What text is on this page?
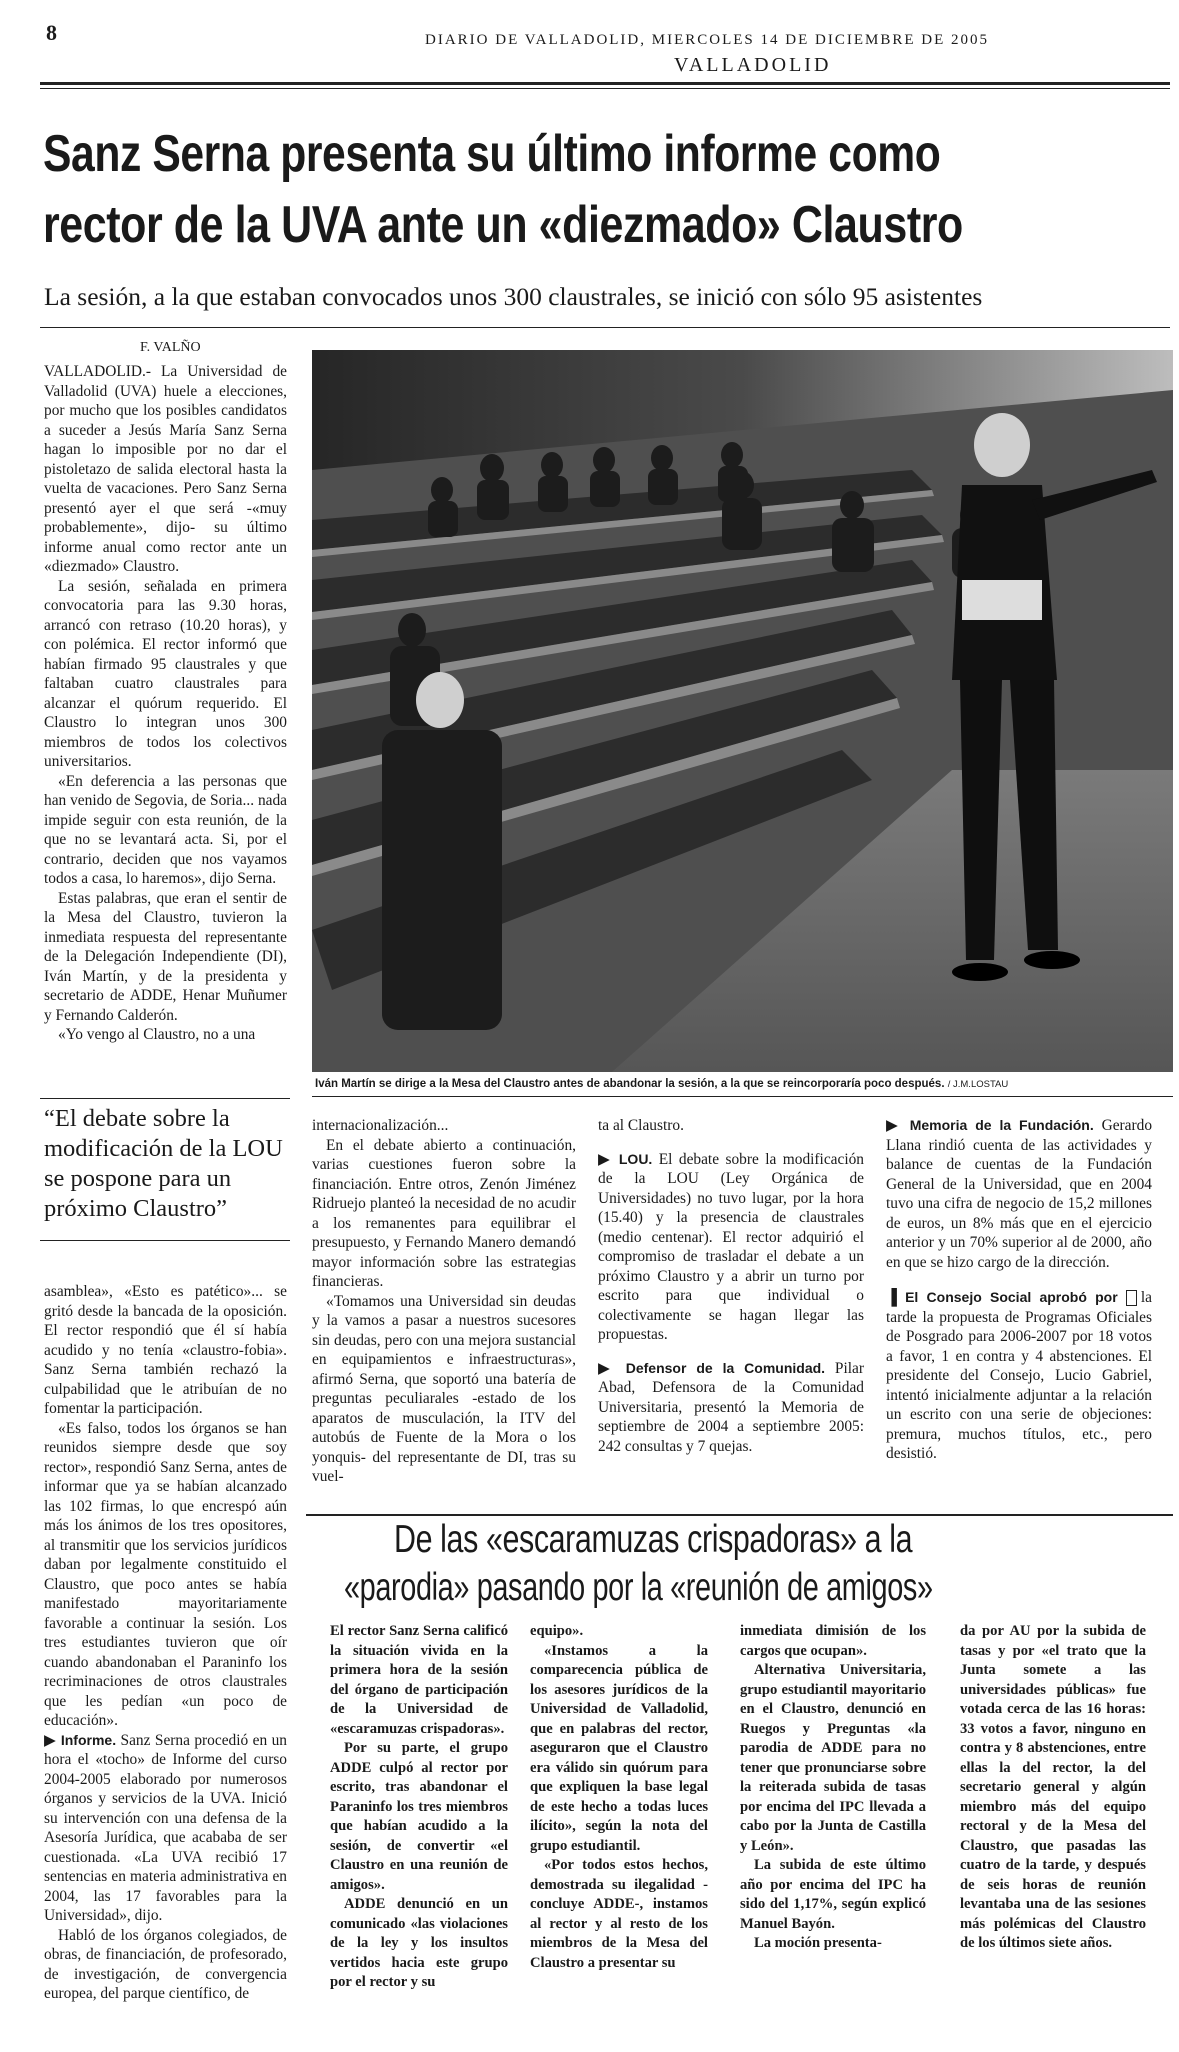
8	DIARIO DE VALLADOLID, MIERCOLES 14 DE DICIEMBRE DE 2005
VALLADOLID
Sanz Serna presenta su último informe como
rector de la UVA ante un «diezmado» Claustro
La sesión, a la que estaban convocados unos 300 claustrales, se inició con sólo 95 asistentes
F. VALÑO

VALLADOLID.- La Universidad de Valladolid (UVA) huele a elecciones, por mucho que los posibles candidatos a suceder a Jesús María Sanz Serna hagan lo imposible por no dar el pistoletazo de salida electoral hasta la vuelta de vacaciones. Pero Sanz Serna presentó ayer el que será -«muy probablemente», dijo- su último informe anual como rector ante un «diezmado» Claustro.

La sesión, señalada en primera convocatoria para las 9.30 horas, arrancó con retraso (10.20 horas), y con polémica. El rector informó que habían firmado 95 claustrales y que faltaban cuatro claustrales para alcanzar el quórum requerido. El Claustro lo integran unos 300 miembros de todos los colectivos universitarios.

«En deferencia a las personas que han venido de Segovia, de Soria... nada impide seguir con esta reunión, de la que no se levantará acta. Si, por el contrario, deciden que nos vayamos todos a casa, lo haremos», dijo Serna.

Estas palabras, que eran el sentir de la Mesa del Claustro, tuvieron la inmediata respuesta del representante de la Delegación Independiente (DI), Iván Martín, y de la presidenta y secretario de ADDE, Henar Muñumer y Fernando Calderón.

«Yo vengo al Claustro, no a una

Iván Martín se dirige a la Mesa del Claustro antes de abandonar la sesión, a la que se reincorporaría poco después. / J.M.LOSTAU
“El debate sobre la modificación de la LOU se pospone para un próximo Claustro”

asamblea», «Esto es patético»... se gritó desde la bancada de la oposición. El rector respondió que él sí había acudido y no tenía «claustro-fobia». Sanz Serna también rechazó la culpabilidad que le atribuían de no fomentar la participación.

«Es falso, todos los órganos se han reunidos siempre desde que soy rector», respondió Sanz Serna, antes de informar que ya se habían alcanzado las 102 firmas, lo que encrespó aún más los ánimos de los tres opositores, al transmitir que los servicios jurídicos daban por legalmente constituido el Claustro, que poco antes se había manifestado mayoritariamente favorable a continuar la sesión. Los tres estudiantes tuvieron que oír cuando abandonaban el Paraninfo los recriminaciones de otros claustrales que les pedían «un poco de educación».

▶ Informe. Sanz Serna procedió en un hora el «tocho» de Informe del curso 2004-2005 elaborado por numerosos órganos y servicios de la UVA. Inició su intervención con una defensa de la Asesoría Jurídica, que acababa de ser cuestionada. «La UVA recibió 17 sentencias en materia administrativa en 2004, las 17 favorables para la Universidad», dijo.

Habló de los órganos colegiados, de obras, de financiación, de profesorado, de investigación, de convergencia europea, del parque científico, de

internacionalización...

En el debate abierto a continuación, varias cuestiones fueron sobre la financiación. Entre otros, Zenón Jiménez Ridruejo planteó la necesidad de no acudir a los remanentes para equilibrar el presupuesto, y Fernando Manero demandó mayor información sobre las estrategias financieras.

«Tomamos una Universidad sin deudas y la vamos a pasar a nuestros sucesores sin deudas, pero con una mejora sustancial en equipamientos e infraestructuras», afirmó Serna, que soportó una batería de preguntas peculiarales -estado de los aparatos de musculación, la ITV del autobús de Fuente de la Mora o los yonquis- del representante de DI, tras su vuel-

ta al Claustro.

▶ LOU. El debate sobre la modificación de la LOU (Ley Orgánica de Universidades) no tuvo lugar, por la hora (15.40) y la presencia de claustrales (medio centenar). El rector adquirió el compromiso de trasladar el debate a un próximo Claustro y a abrir un turno por escrito para que individual o colectivamente se hagan llegar las propuestas.

▶ Defensor de la Comunidad. Pilar Abad, Defensora de la Comunidad Universitaria, presentó la Memoria de septiembre de 2004 a septiembre 2005: 242 consultas y 7 quejas.

▶ Memoria de la Fundación. Gerardo Llana rindió cuenta de las actividades y balance de cuentas de la Fundación General de la Universidad, que en 2004 tuvo una cifra de negocio de 15,2 millones de euros, un 8% más que en el ejercicio anterior y un 70% superior al de 2000, año en que se hizo cargo de la dirección.

▐ El Consejo Social aprobó por la tarde la propuesta de Programas Oficiales de Posgrado para 2006-2007 por 18 votos a favor, 1 en contra y 4 abstenciones. El presidente del Consejo, Lucio Gabriel, intentó inicialmente adjuntar a la relación un escrito con una serie de objeciones: premura, muchos títulos, etc., pero desistió.

De las «escaramuzas crispadoras» a la
«parodia» pasando por la «reunión de amigos»

El rector Sanz Serna calificó la situación vivida en la primera hora de la sesión del órgano de participación de la Universidad de «escaramuzas crispadoras».

Por su parte, el grupo ADDE culpó al rector por escrito, tras abandonar el Paraninfo los tres miembros que habían acudido a la sesión, de convertir «el Claustro en una reunión de amigos».

ADDE denunció en un comunicado «las violaciones de la ley y los insultos vertidos hacia este grupo por el rector y su

equipo».

«Instamos a la comparecencia pública de los asesores jurídicos de la Universidad de Valladolid, que en palabras del rector, aseguraron que el Claustro era válido sin quórum para que expliquen la base legal de este hecho a todas luces ilícito», según la nota del grupo estudiantil.

«Por todos estos hechos, demostrada su ilegalidad -concluye ADDE-, instamos al rector y al resto de los miembros de la Mesa del Claustro a presentar su

inmediata dimisión de los cargos que ocupan».

Alternativa Universitaria, grupo estudiantil mayoritario en el Claustro, denunció en Ruegos y Preguntas «la parodia de ADDE para no tener que pronunciarse sobre la reiterada subida de tasas por encima del IPC llevada a cabo por la Junta de Castilla y León».

La subida de este último año por encima del IPC ha sido del 1,17%, según explicó Manuel Bayón.

La moción presenta-

da por AU por la subida de tasas y por «el trato que la Junta somete a las universidades públicas» fue votada cerca de las 16 horas: 33 votos a favor, ninguno en contra y 8 abstenciones, entre ellas la del rector, la del secretario general y algún miembro más del equipo rectoral y de la Mesa del Claustro, que pasadas las cuatro de la tarde, y después de seis horas de reunión levantaba una de las sesiones más polémicas del Claustro de los últimos siete años.
